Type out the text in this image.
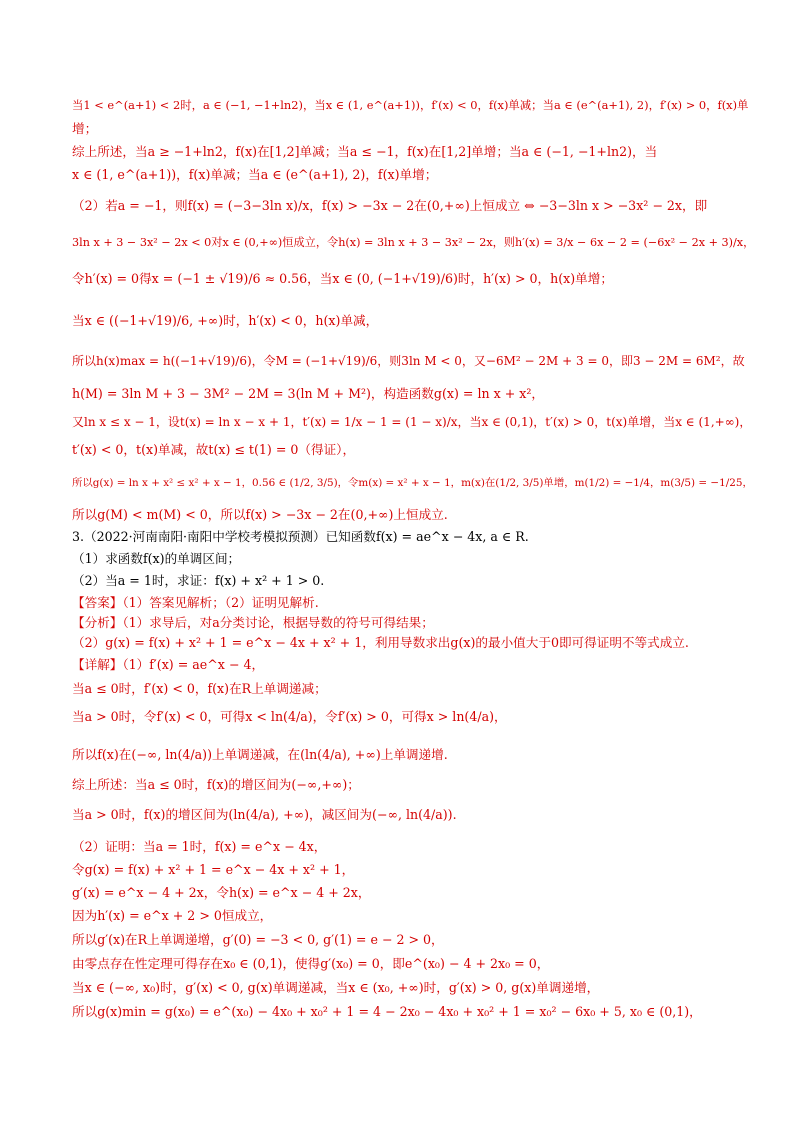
当1 < e^(a+1) < 2时，a ∈ (−1, −1+ln2)，当x ∈ (1, e^(a+1))，f′(x) < 0，f(x)单减；当a ∈ (e^(a+1), 2)，f′(x) > 0，f(x)单
增；
综上所述，当a ≥ −1+ln2，f(x)在[1,2]单减；当a ≤ −1，f(x)在[1,2]单增；当a ∈ (−1, −1+ln2)，当
x ∈ (1, e^(a+1))，f(x)单减；当a ∈ (e^(a+1), 2)，f(x)单增；
（2）若a = −1，则f(x) = (−3−3ln x)/x，f(x) > −3x − 2在(0,+∞)上恒成立 ⇔ −3−3ln x > −3x² − 2x，即
3ln x + 3 − 3x² − 2x < 0对x ∈ (0,+∞)恒成立，令h(x) = 3ln x + 3 − 3x² − 2x，则h′(x) = 3/x − 6x − 2 = (−6x² − 2x + 3)/x，
令h′(x) = 0得x = (−1 ± √19)/6 ≈ 0.56，当x ∈ (0, (−1+√19)/6)时，h′(x) > 0，h(x)单增；
当x ∈ ((−1+√19)/6, +∞)时，h′(x) < 0，h(x)单减，
所以h(x)max = h((−1+√19)/6)，令M = (−1+√19)/6，则3ln M < 0，又−6M² − 2M + 3 = 0，即3 − 2M = 6M²，故
h(M) = 3ln M + 3 − 3M² − 2M = 3(ln M + M²)，构造函数g(x) = ln x + x²，
又ln x ≤ x − 1，设t(x) = ln x − x + 1，t′(x) = 1/x − 1 = (1 − x)/x，当x ∈ (0,1)，t′(x) > 0，t(x)单增，当x ∈ (1,+∞)，
t′(x) < 0，t(x)单减，故t(x) ≤ t(1) = 0（得证），
所以g(x) = ln x + x² ≤ x² + x − 1，0.56 ∈ (1/2, 3/5)，令m(x) = x² + x − 1，m(x)在(1/2, 3/5)单增，m(1/2) = −1/4，m(3/5) = −1/25，
所以g(M) < m(M) < 0，所以f(x) > −3x − 2在(0,+∞)上恒成立.
3.（2022·河南南阳·南阳中学校考模拟预测）已知函数f(x) = ae^x − 4x, a ∈ R.
（1）求函数f(x)的单调区间；
（2）当a = 1时，求证：f(x) + x² + 1 > 0.
【答案】（1）答案见解析；（2）证明见解析.
【分析】（1）求导后，对a分类讨论，根据导数的符号可得结果；
（2）g(x) = f(x) + x² + 1 = e^x − 4x + x² + 1，利用导数求出g(x)的最小值大于0即可得证明不等式成立.
【详解】（1）f′(x) = ae^x − 4，
当a ≤ 0时，f′(x) < 0，f(x)在R上单调递减；
当a > 0时，令f′(x) < 0，可得x < ln(4/a)，令f′(x) > 0，可得x > ln(4/a)，
所以f(x)在(−∞, ln(4/a))上单调递减，在(ln(4/a), +∞)上单调递增.
综上所述：当a ≤ 0时，f(x)的增区间为(−∞,+∞)；
当a > 0时，f(x)的增区间为(ln(4/a), +∞)，减区间为(−∞, ln(4/a)).
（2）证明：当a = 1时，f(x) = e^x − 4x，
令g(x) = f(x) + x² + 1 = e^x − 4x + x² + 1，
g′(x) = e^x − 4 + 2x，令h(x) = e^x − 4 + 2x，
因为h′(x) = e^x + 2 > 0恒成立，
所以g′(x)在R上单调递增，g′(0) = −3 < 0, g′(1) = e − 2 > 0，
由零点存在性定理可得存在x₀ ∈ (0,1)，使得g′(x₀) = 0，即e^(x₀) − 4 + 2x₀ = 0，
当x ∈ (−∞, x₀)时，g′(x) < 0, g(x)单调递减，当x ∈ (x₀, +∞)时，g′(x) > 0, g(x)单调递增，
所以g(x)min = g(x₀) = e^(x₀) − 4x₀ + x₀² + 1 = 4 − 2x₀ − 4x₀ + x₀² + 1 = x₀² − 6x₀ + 5, x₀ ∈ (0,1)，
